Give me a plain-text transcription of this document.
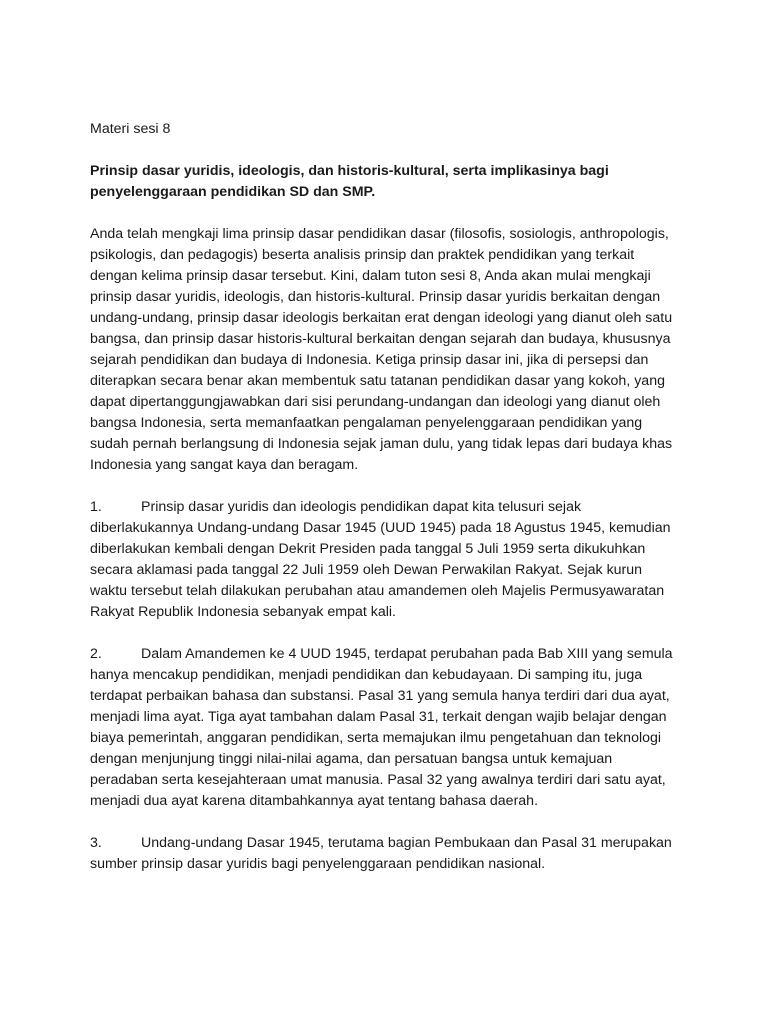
Materi sesi 8

Prinsip dasar yuridis, ideologis, dan historis-kultural, serta implikasinya bagi penyelenggaraan pendidikan SD dan SMP.

Anda telah mengkaji lima prinsip dasar pendidikan dasar (filosofis, sosiologis, anthropologis, psikologis, dan pedagogis) beserta analisis prinsip dan praktek pendidikan yang terkait dengan kelima prinsip dasar tersebut. Kini, dalam tuton sesi 8, Anda akan mulai mengkaji prinsip dasar yuridis, ideologis, dan historis-kultural. Prinsip dasar yuridis berkaitan dengan undang-undang, prinsip dasar ideologis berkaitan erat dengan ideologi yang dianut oleh satu bangsa, dan prinsip dasar historis-kultural berkaitan dengan sejarah dan budaya, khususnya sejarah pendidikan dan budaya di Indonesia. Ketiga prinsip dasar ini, jika di persepsi dan diterapkan secara benar akan membentuk satu tatanan pendidikan dasar yang kokoh, yang dapat dipertanggungjawabkan dari sisi perundang-undangan dan ideologi yang dianut oleh bangsa Indonesia, serta memanfaatkan pengalaman penyelenggaraan pendidikan yang sudah pernah berlangsung di Indonesia sejak jaman dulu, yang tidak lepas dari budaya khas Indonesia yang sangat kaya dan beragam.

1.	Prinsip dasar yuridis dan ideologis pendidikan dapat kita telusuri sejak diberlakukannya Undang-undang Dasar 1945 (UUD 1945) pada 18 Agustus 1945, kemudian diberlakukan kembali dengan Dekrit Presiden pada tanggal 5 Juli 1959 serta dikukuhkan secara aklamasi pada tanggal 22 Juli 1959 oleh Dewan Perwakilan Rakyat. Sejak kurun waktu tersebut telah dilakukan perubahan atau amandemen oleh Majelis Permusyawaratan Rakyat Republik Indonesia sebanyak empat kali.

2.	Dalam Amandemen ke 4 UUD 1945, terdapat perubahan pada Bab XIII yang semula hanya mencakup pendidikan, menjadi pendidikan dan kebudayaan. Di samping itu, juga terdapat perbaikan bahasa dan substansi. Pasal 31 yang semula hanya terdiri dari dua ayat, menjadi lima ayat. Tiga ayat tambahan dalam Pasal 31, terkait dengan wajib belajar dengan biaya pemerintah, anggaran pendidikan, serta memajukan ilmu pengetahuan dan teknologi dengan menjunjung tinggi nilai-nilai agama, dan persatuan bangsa untuk kemajuan peradaban serta kesejahteraan umat manusia. Pasal 32 yang awalnya terdiri dari satu ayat, menjadi dua ayat karena ditambahkannya ayat tentang bahasa daerah.

3.	Undang-undang Dasar 1945, terutama bagian Pembukaan dan Pasal 31 merupakan sumber prinsip dasar yuridis bagi penyelenggaraan pendidikan nasional.
